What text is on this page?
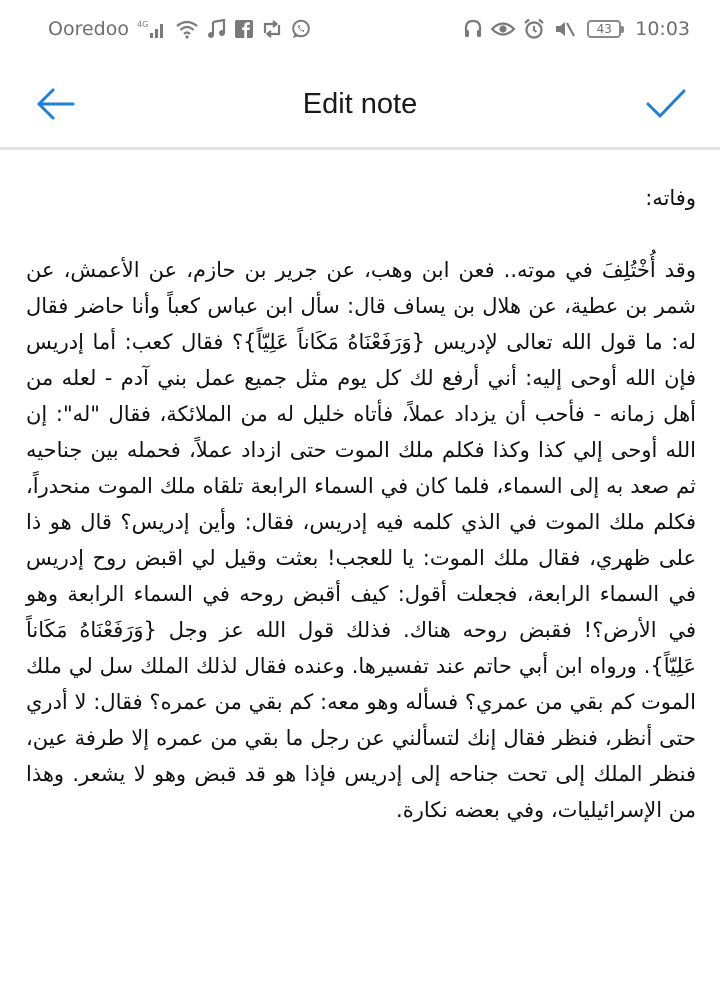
Ooredoo 4G	43	10:03
Edit note

وفاته:

وقد أُخْتُلِفَ في موته.. فعن ابن وهب، عن جرير بن حازم، عن الأعمش، عن شمر بن عطية، عن هلال بن يساف قال: سأل ابن عباس كعباً وأنا حاضر فقال له: ما قول الله تعالى لإدريس {وَرَفَعْنَاهُ مَكَاناً عَلِيّاً}؟ فقال كعب: أما إدريس فإن الله أوحى إليه: أني أرفع لك كل يوم مثل جميع عمل بني آدم - لعله من أهل زمانه - فأحب أن يزداد عملاً، فأتاه خليل له من الملائكة، فقال "له": إن الله أوحى إلي كذا وكذا فكلم ملك الموت حتى ازداد عملاً، فحمله بين جناحيه ثم صعد به إلى السماء، فلما كان في السماء الرابعة تلقاه ملك الموت منحدراً، فكلم ملك الموت في الذي كلمه فيه إدريس، فقال: وأين إدريس؟ قال هو ذا على ظهري، فقال ملك الموت: يا للعجب! بعثت وقيل لي اقبض روح إدريس في السماء الرابعة، فجعلت أقول: كيف أقبض روحه في السماء الرابعة وهو في الأرض؟! فقبض روحه هناك. فذلك قول الله عز وجل {وَرَفَعْنَاهُ مَكَاناً عَلِيّاً}. ورواه ابن أبي حاتم عند تفسيرها. وعنده فقال لذلك الملك سل لي ملك الموت كم بقي من عمري؟ فسأله وهو معه: كم بقي من عمره؟ فقال: لا أدري حتى أنظر، فنظر فقال إنك لتسألني عن رجل ما بقي من عمره إلا طرفة عين، فنظر الملك إلى تحت جناحه إلى إدريس فإذا هو قد قبض وهو لا يشعر. وهذا من الإسرائيليات، وفي بعضه نكارة.
